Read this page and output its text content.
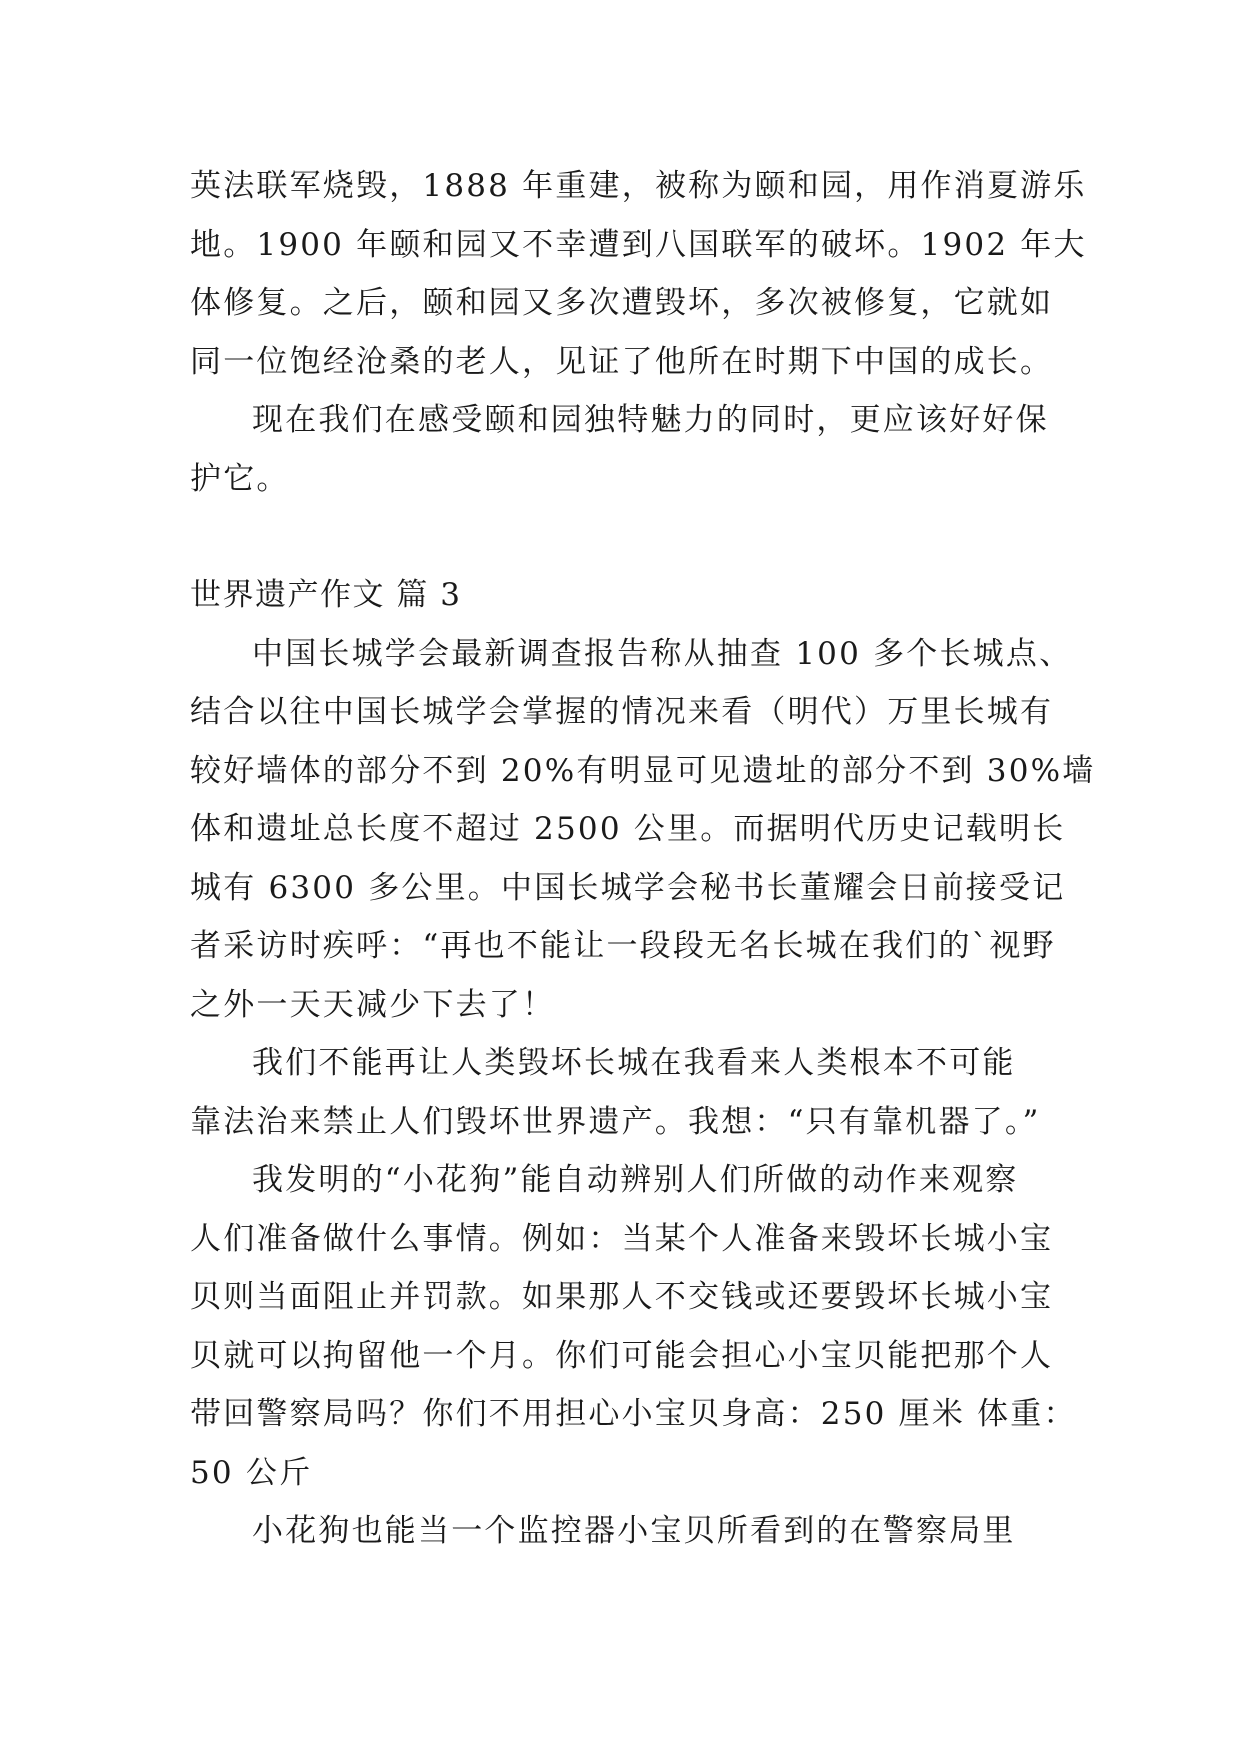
英法联军烧毁，1888 年重建，被称为颐和园，用作消夏游乐
地。1900 年颐和园又不幸遭到八国联军的破坏。1902 年大
体修复。之后，颐和园又多次遭毁坏，多次被修复，它就如
同一位饱经沧桑的老人，见证了他所在时期下中国的成长。
现在我们在感受颐和园独特魅力的同时，更应该好好保
护它。
世界遗产作文 篇 3
中国长城学会最新调查报告称从抽查 100 多个长城点、
结合以往中国长城学会掌握的情况来看（明代）万里长城有
较好墙体的部分不到 20%有明显可见遗址的部分不到 30%墙
体和遗址总长度不超过 2500 公里。而据明代历史记载明长
城有 6300 多公里。中国长城学会秘书长董耀会日前接受记
者采访时疾呼：“再也不能让一段段无名长城在我们的`视野
之外一天天减少下去了！
我们不能再让人类毁坏长城在我看来人类根本不可能
靠法治来禁止人们毁坏世界遗产。我想：“只有靠机器了。”
我发明的“小花狗”能自动辨别人们所做的动作来观察
人们准备做什么事情。例如：当某个人准备来毁坏长城小宝
贝则当面阻止并罚款。如果那人不交钱或还要毁坏长城小宝
贝就可以拘留他一个月。你们可能会担心小宝贝能把那个人
带回警察局吗？你们不用担心小宝贝身高：250 厘米 体重：
50 公斤
小花狗也能当一个监控器小宝贝所看到的在警察局里
